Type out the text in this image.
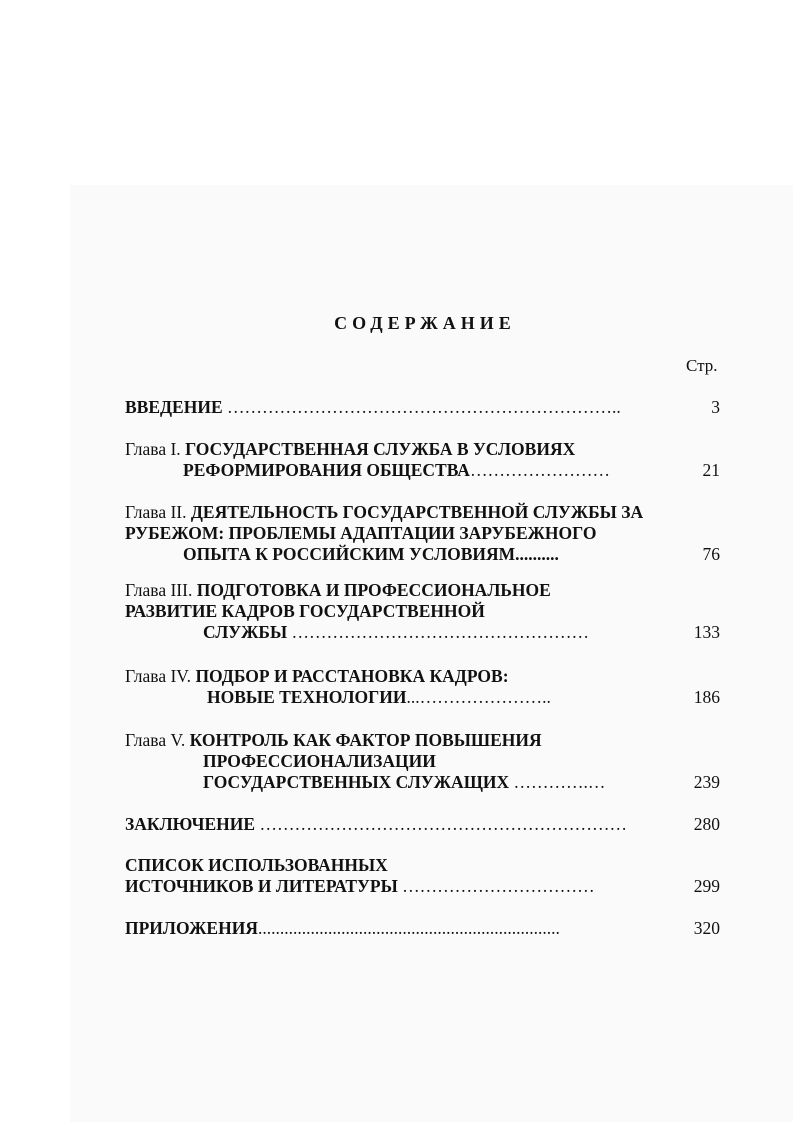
СОДЕРЖАНИЕ
Стр.
ВВЕДЕНИЕ …………………………………………………………..	3
Глава I. ГОСУДАРСТВЕННАЯ СЛУЖБА В УСЛОВИЯХ
РЕФОРМИРОВАНИЯ ОБЩЕСТВА……………………	21
Глава II. ДЕЯТЕЛЬНОСТЬ ГОСУДАРСТВЕННОЙ СЛУЖБЫ ЗА
РУБЕЖОМ: ПРОБЛЕМЫ АДАПТАЦИИ ЗАРУБЕЖНОГО
ОПЫТА К РОССИЙСКИМ УСЛОВИЯМ..........	76
Глава III. ПОДГОТОВКА И ПРОФЕССИОНАЛЬНОЕ
РАЗВИТИЕ КАДРОВ ГОСУДАРСТВЕННОЙ
СЛУЖБЫ ……………………………………………	133
Глава IV. ПОДБОР И РАССТАНОВКА КАДРОВ:
НОВЫЕ ТЕХНОЛОГИИ...…………………..	186
Глава V. КОНТРОЛЬ КАК ФАКТОР ПОВЫШЕНИЯ
ПРОФЕССИОНАЛИЗАЦИИ
ГОСУДАРСТВЕННЫХ СЛУЖАЩИХ ………….…	239
ЗАКЛЮЧЕНИЕ ………………………………………………………	280
СПИСОК ИСПОЛЬЗОВАННЫХ
ИСТОЧНИКОВ И ЛИТЕРАТУРЫ ……………………………	299
ПРИЛОЖЕНИЯ.....................................................................	320
